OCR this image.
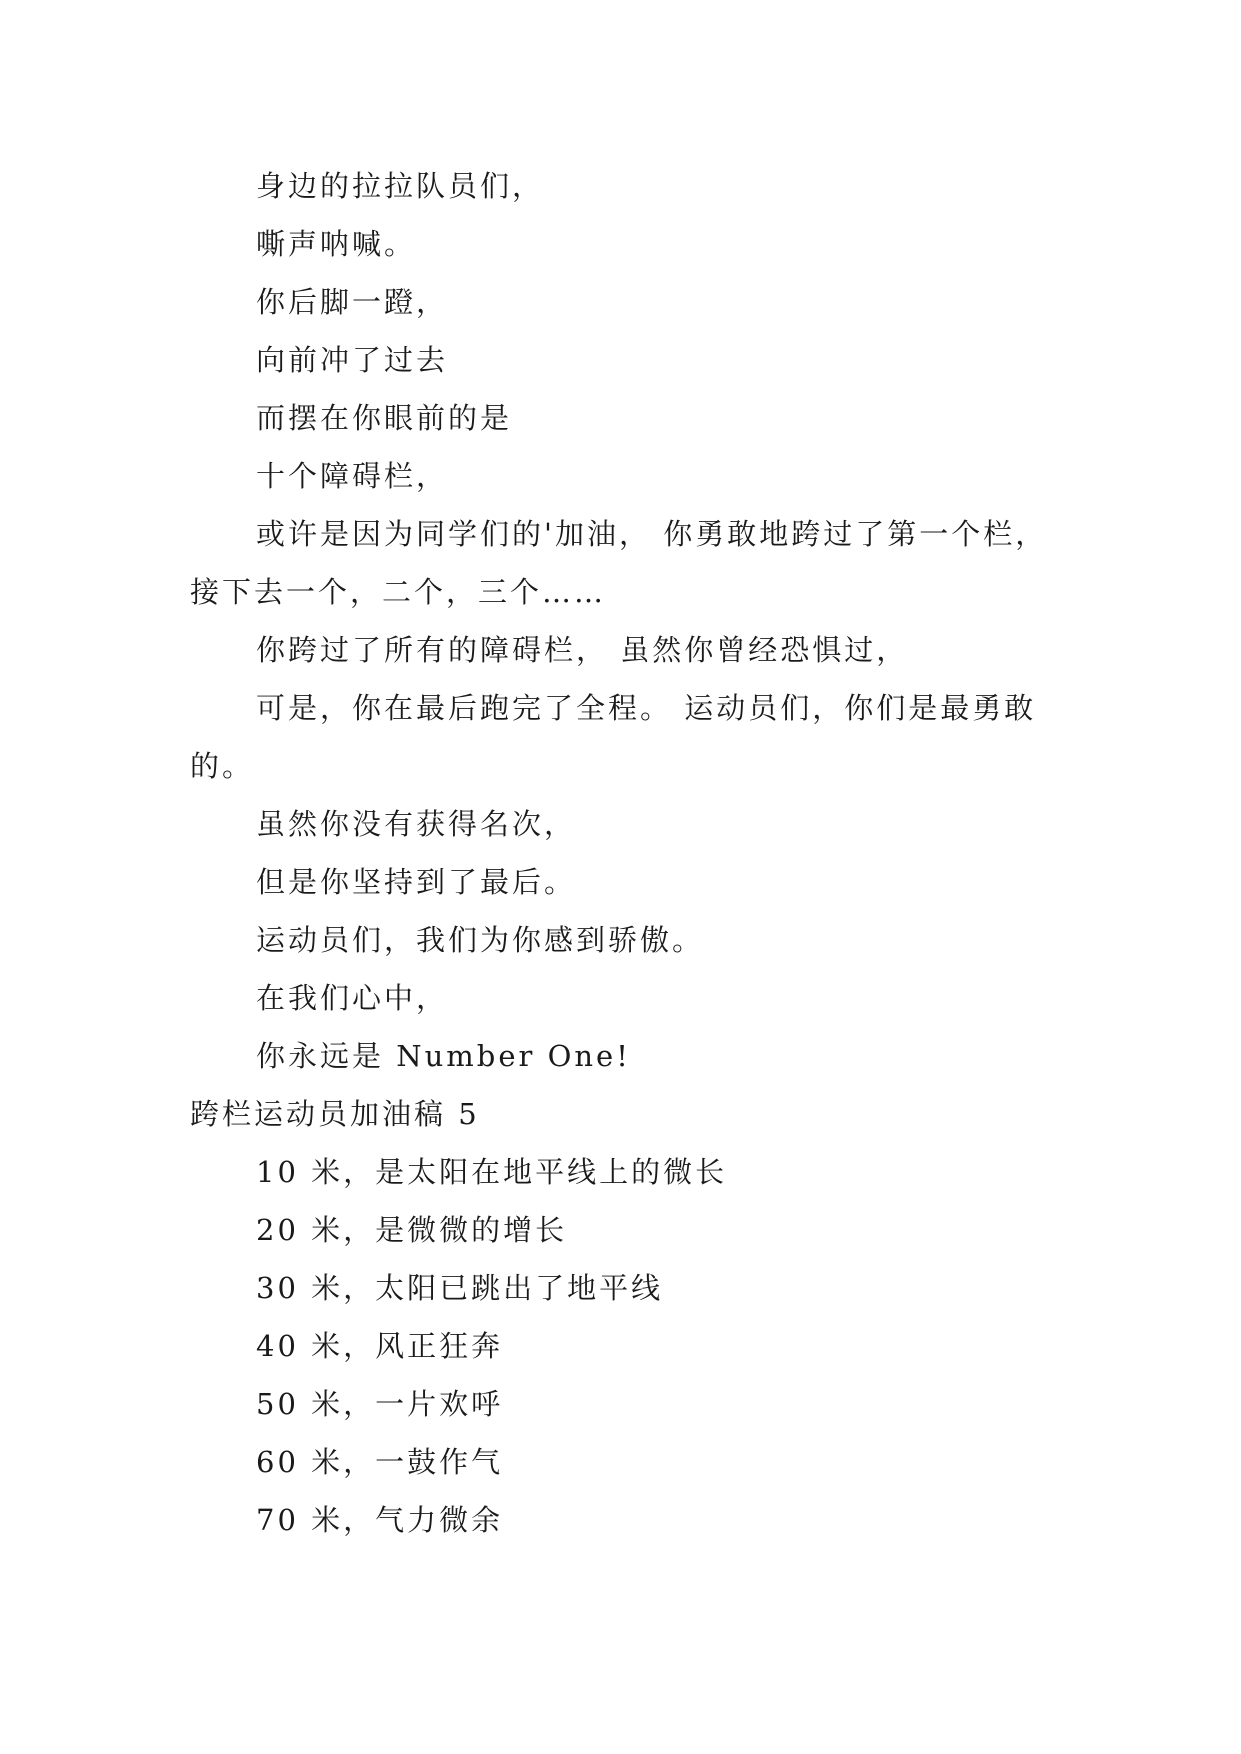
身边的拉拉队员们，

嘶声呐喊。

你后脚一蹬，

向前冲了过去

而摆在你眼前的是

十个障碍栏，

或许是因为同学们的'加油， 你勇敢地跨过了第一个栏，接下去一个，二个，三个……

你跨过了所有的障碍栏， 虽然你曾经恐惧过，

可是，你在最后跑完了全程。 运动员们，你们是最勇敢的。

虽然你没有获得名次，

但是你坚持到了最后。

运动员们，我们为你感到骄傲。

在我们心中，

你永远是 Number One!

跨栏运动员加油稿 5

10 米，是太阳在地平线上的微长

20 米，是微微的增长

30 米，太阳已跳出了地平线

40 米，风正狂奔

50 米，一片欢呼

60 米，一鼓作气

70 米，气力微余
